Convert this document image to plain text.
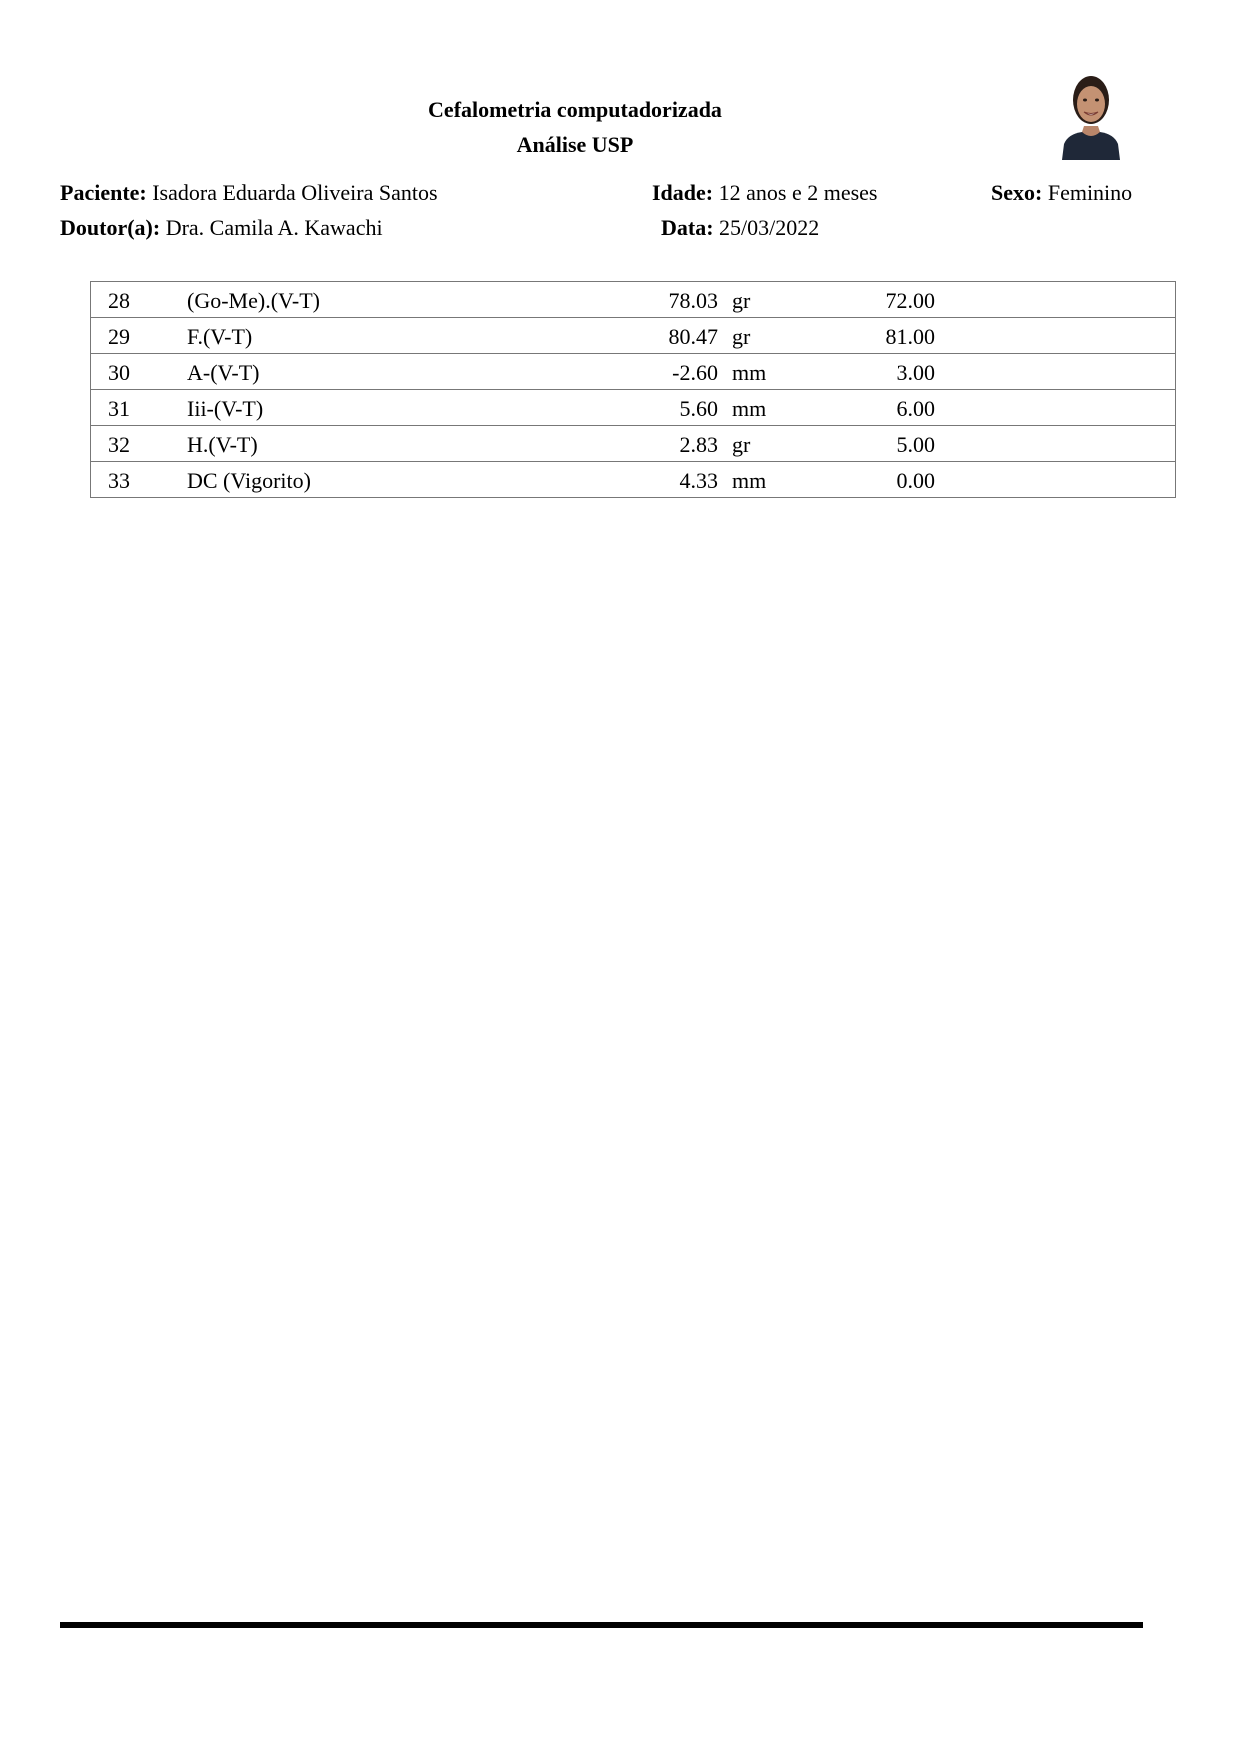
Cefalometria computadorizada
Análise USP
Paciente: Isadora Eduarda Oliveira Santos	Idade: 12 anos e 2 meses	Sexo: Feminino
Doutor(a): Dra. Camila A. Kawachi	Data: 25/03/2022
28	(Go-Me).(V-T)	78.03 gr	72.00
29	F.(V-T)	80.47 gr	81.00
30	A-(V-T)	-2.60 mm	3.00
31	Iii-(V-T)	5.60 mm	6.00
32	H.(V-T)	2.83 gr	5.00
33	DC (Vigorito)	4.33 mm	0.00
